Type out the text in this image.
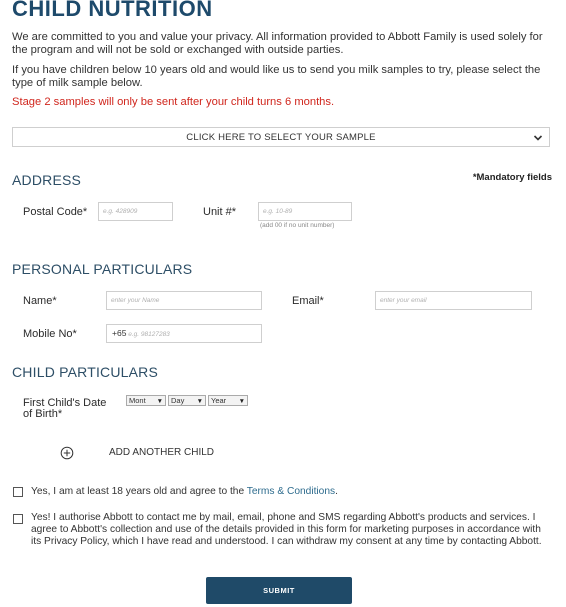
CHILD NUTRITION
We are committed to you and value your privacy. All information provided to Abbott Family is used solely for the program and will not be sold or exchanged with outside parties.
If you have children below 10 years old and would like us to send you milk samples to try, please select the type of milk sample below.
Stage 2 samples will only be sent after your child turns 6 months.
CLICK HERE TO SELECT YOUR SAMPLE
ADDRESS	*Mandatory fields
Postal Code*	e.g. 428909	Unit #*	e.g. 10-89
(add 00 if no unit number)
PERSONAL PARTICULARS
Name*	enter your Name	Email*	enter your email
Mobile No*	+65 e.g. 98127283
CHILD PARTICULARS
First Child's Date
of Birth*
Mont ▼	Day ▼	Year ▼
ADD ANOTHER CHILD
Yes, I am at least 18 years old and agree to the Terms & Conditions.
Yes! I authorise Abbott to contact me by mail, email, phone and SMS regarding Abbott's products and services. I agree to Abbott's collection and use of the details provided in this form for marketing purposes in accordance with its Privacy Policy, which I have read and understood. I can withdraw my consent at any time by contacting Abbott.
SUBMIT
